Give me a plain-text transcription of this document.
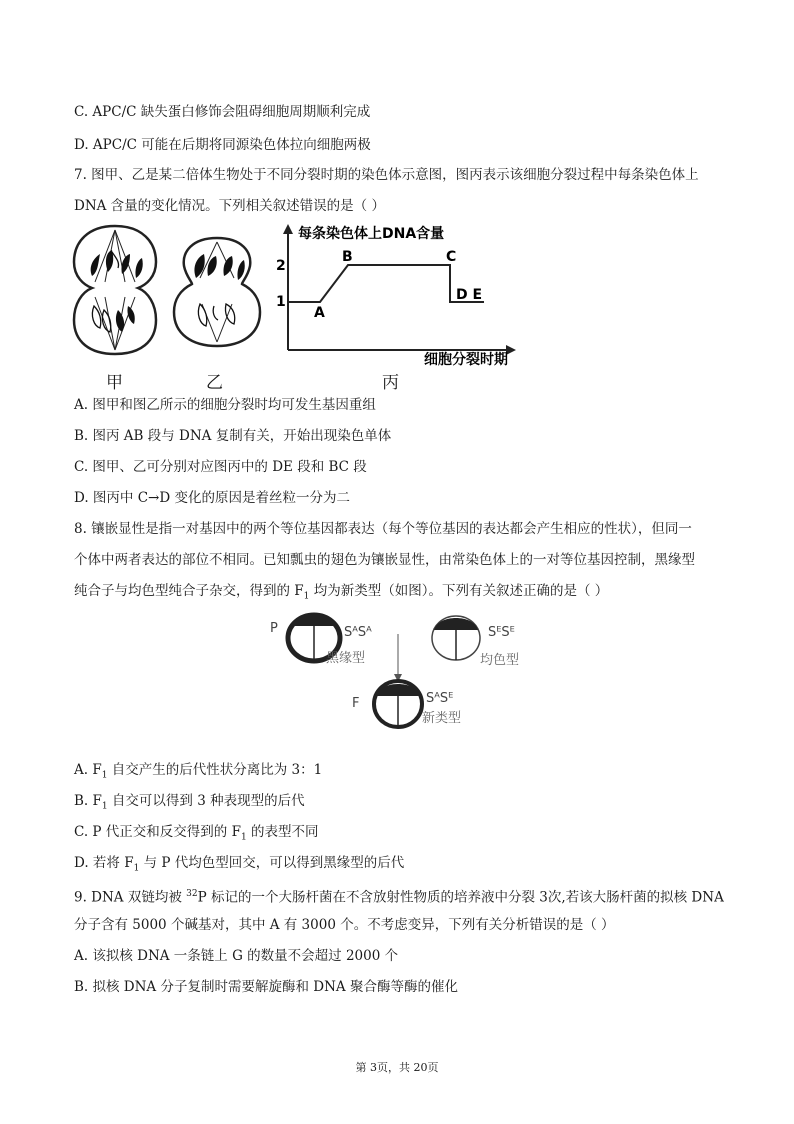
C. APC/C 缺失蛋白修饰会阻碍细胞周期顺利完成
D. APC/C 可能在后期将同源染色体拉向细胞两极
7. 图甲、乙是某二倍体生物处于不同分裂时期的染色体示意图，图丙表示该细胞分裂过程中每条染色体上
DNA 含量的变化情况。下列相关叙述错误的是（ ）
每条染色体上DNA含量
2
1
A
B	C
D E
细胞分裂时期
甲	乙	丙
A. 图甲和图乙所示的细胞分裂时均可发生基因重组
B. 图丙 AB 段与 DNA 复制有关，开始出现染色单体
C. 图甲、乙可分别对应图丙中的 DE 段和 BC 段
D. 图丙中 C→D 变化的原因是着丝粒一分为二
8. 镶嵌显性是指一对基因中的两个等位基因都表达（每个等位基因的表达都会产生相应的性状），但同一
个体中两者表达的部位不相同。已知瓢虫的翅色为镶嵌显性，由常染色体上的一对等位基因控制，黑缘型
纯合子与均色型纯合子杂交，得到的 $F_1$ 均为新类型（如图）。下列有关叙述正确的是（ ）
P	SᴬSᴬ
黑缘型
SᴱSᴱ
均色型
F	SᴬSᴱ
新类型
A. $F_1$ 自交产生的后代性状分离比为 3：1
B. $F_1$ 自交可以得到 3 种表现型的后代
C. P 代正交和反交得到的 $F_1$ 的表型不同
D. 若将 $F_1$ 与 P 代均色型回交，可以得到黑缘型的后代
9. DNA 双链均被 $^{32}$P 标记的一个大肠杆菌在不含放射性物质的培养液中分裂 3次,若该大肠杆菌的拟核 DNA
分子含有 5000 个碱基对，其中 A 有 3000 个。不考虑变异，下列有关分析错误的是（ ）
A. 该拟核 DNA 一条链上 G 的数量不会超过 2000 个
B. 拟核 DNA 分子复制时需要解旋酶和 DNA 聚合酶等酶的催化
第 3页，共 20页
